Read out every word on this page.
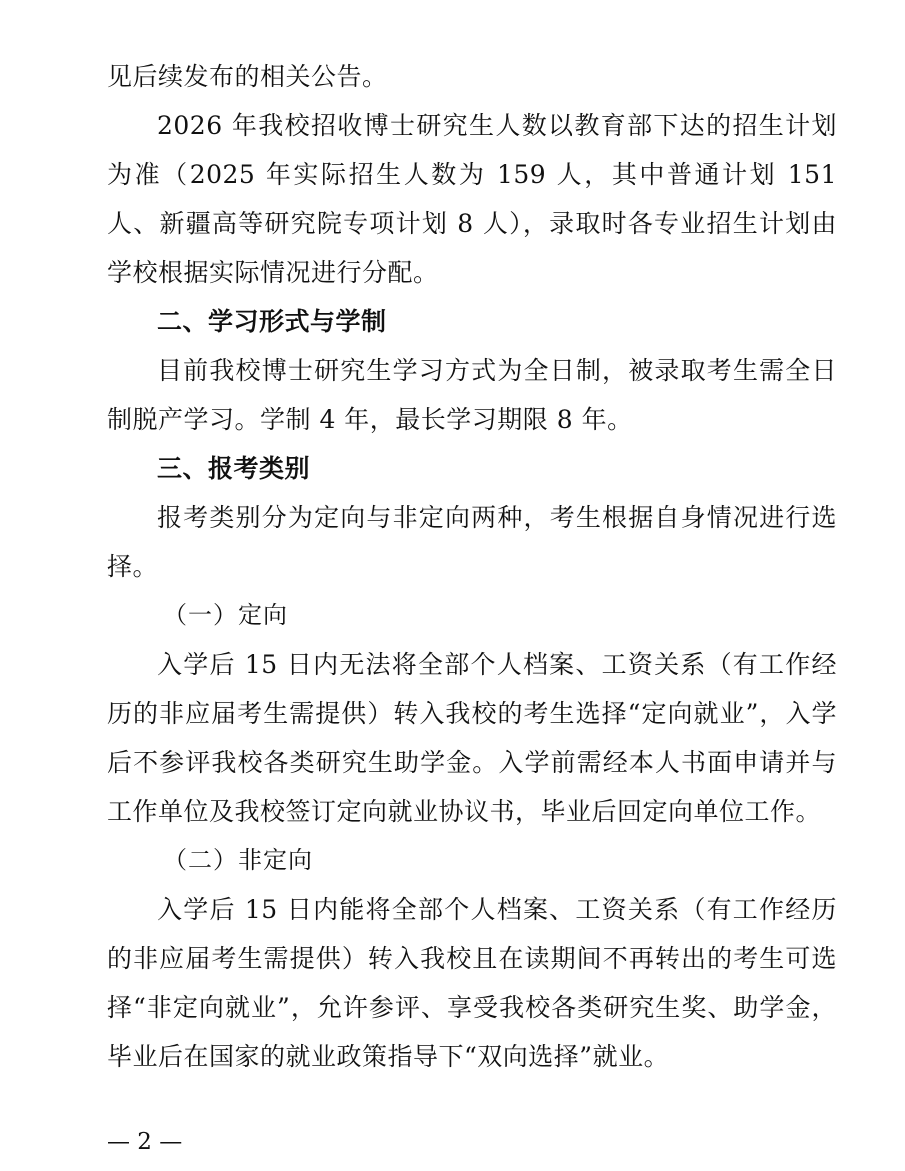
见后续发布的相关公告。

2026 年我校招收博士研究生人数以教育部下达的招生计划为准（2025 年实际招生人数为 159 人，其中普通计划 151 人、新疆高等研究院专项计划 8 人），录取时各专业招生计划由学校根据实际情况进行分配。

二、学习形式与学制

目前我校博士研究生学习方式为全日制，被录取考生需全日制脱产学习。学制 4 年，最长学习期限 8 年。

三、报考类别

报考类别分为定向与非定向两种，考生根据自身情况进行选择。

（一）定向

入学后 15 日内无法将全部个人档案、工资关系（有工作经历的非应届考生需提供）转入我校的考生选择“定向就业”，入学后不参评我校各类研究生助学金。入学前需经本人书面申请并与工作单位及我校签订定向就业协议书，毕业后回定向单位工作。

（二）非定向

入学后 15 日内能将全部个人档案、工资关系（有工作经历的非应届考生需提供）转入我校且在读期间不再转出的考生可选择“非定向就业”，允许参评、享受我校各类研究生奖、助学金，毕业后在国家的就业政策指导下“双向选择”就业。

— 2 —
